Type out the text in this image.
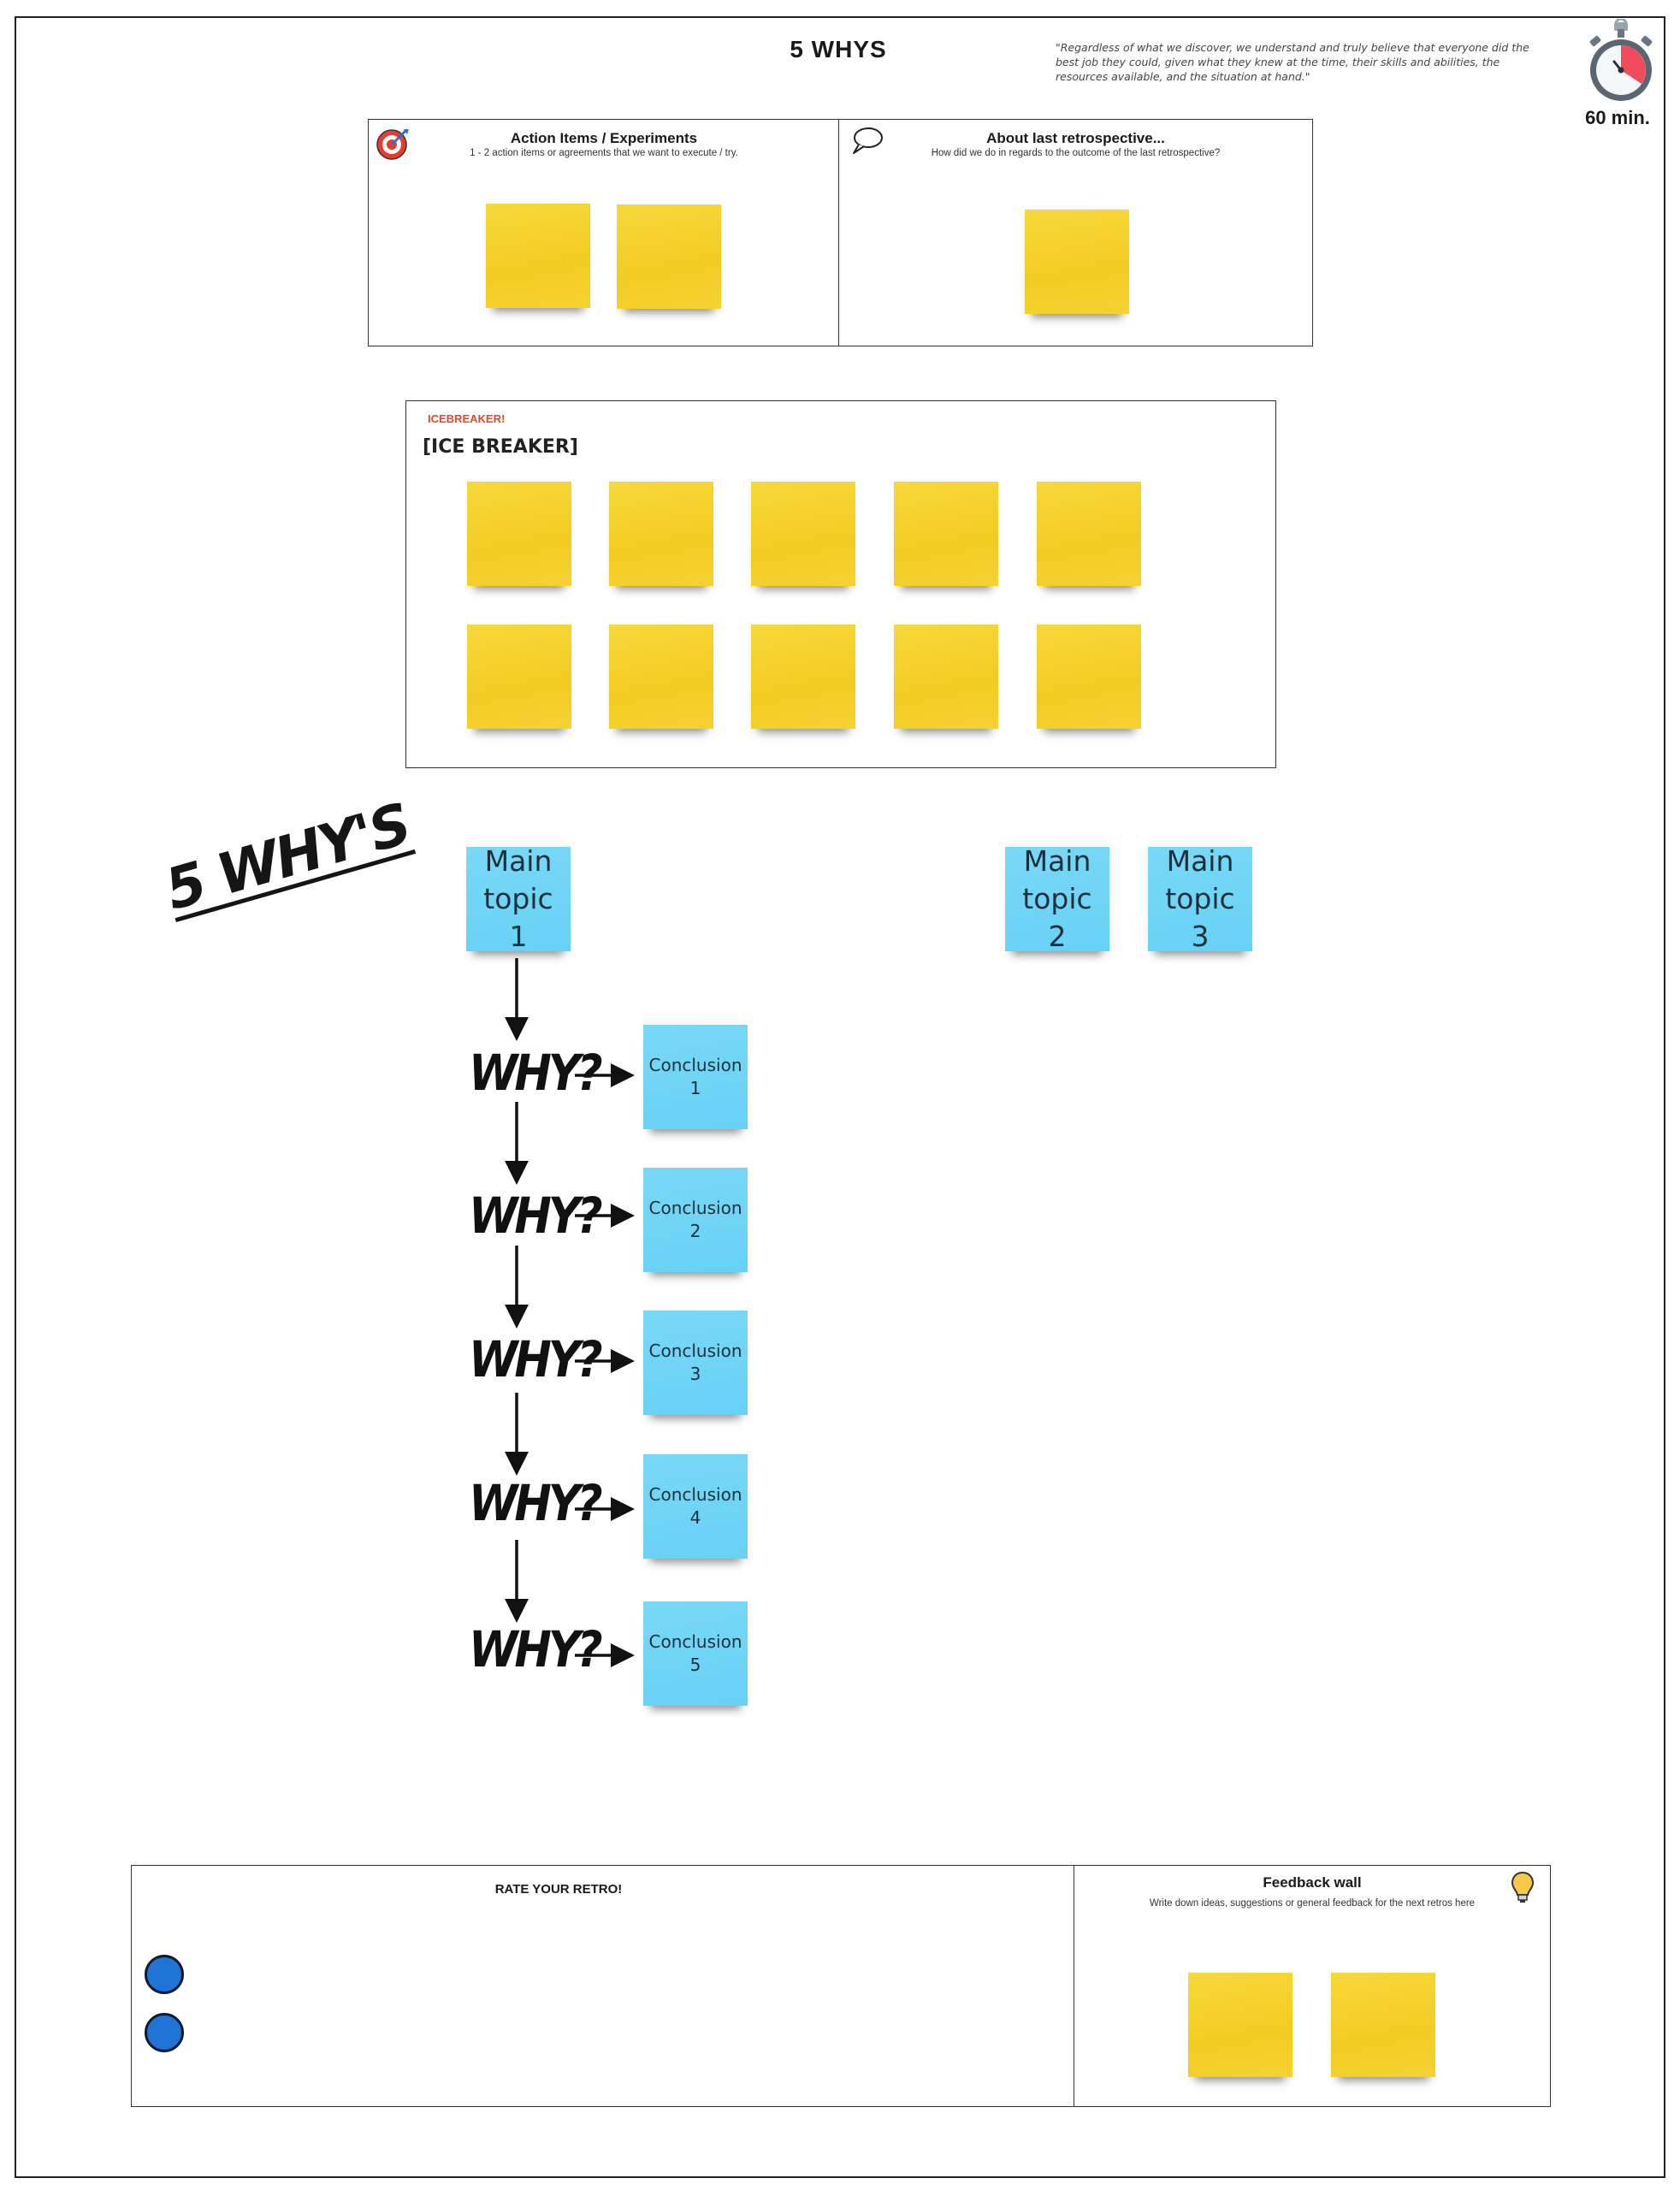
5 WHYS	"Regardless of what we discover, we understand and truly believe that everyone did the best job they could, given what they knew at the time, their skills and abilities, the resources available, and the situation at hand."
60 min.
Action Items / Experiments
1 - 2 action items or agreements that we want to execute / try.
About last retrospective...
How did we do in regards to the outcome of the last retrospective?
ICEBREAKER!
[ICE BREAKER]
5 WHY'S	Main topic
1
Main topic
2
Main topic
3
WHY?
WHY?
WHY?
WHY?
WHY?
Conclusion
1
Conclusion
2
Conclusion
3
Conclusion
4
Conclusion
5
RATE YOUR RETRO!	Feedback wall
Write down ideas, suggestions or general feedback for the next retros here
